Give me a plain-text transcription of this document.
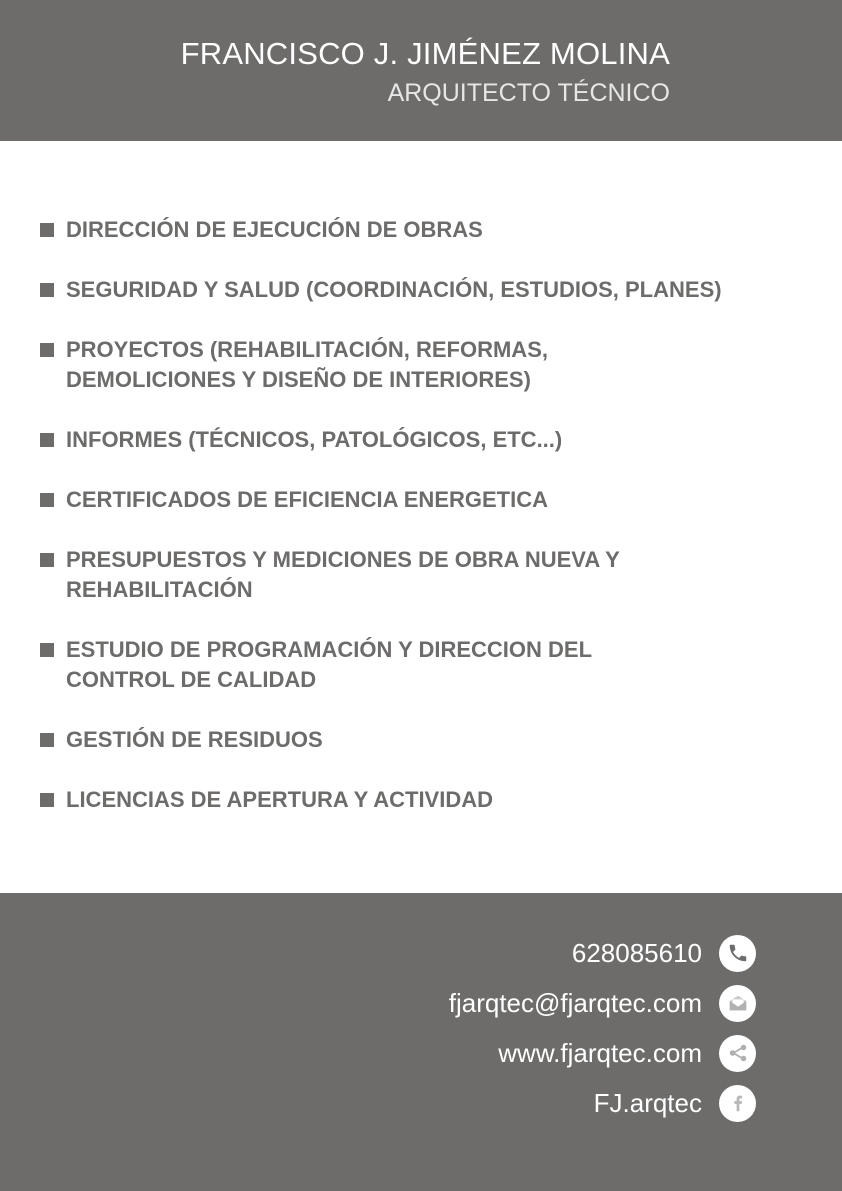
FRANCISCO J. JIMÉNEZ MOLINA
ARQUITECTO TÉCNICO
DIRECCIÓN DE EJECUCIÓN DE OBRAS
SEGURIDAD Y SALUD (COORDINACIÓN, ESTUDIOS, PLANES)
PROYECTOS (REHABILITACIÓN, REFORMAS,
DEMOLICIONES Y DISEÑO DE INTERIORES)
INFORMES (TÉCNICOS, PATOLÓGICOS, ETC...)
CERTIFICADOS DE EFICIENCIA ENERGETICA
PRESUPUESTOS Y MEDICIONES DE OBRA NUEVA Y
REHABILITACIÓN
ESTUDIO DE PROGRAMACIÓN Y DIRECCION DEL
CONTROL DE CALIDAD
GESTIÓN DE RESIDUOS
LICENCIAS DE APERTURA Y ACTIVIDAD
628085610
fjarqtec@fjarqtec.com
www.fjarqtec.com
FJ.arqtec
